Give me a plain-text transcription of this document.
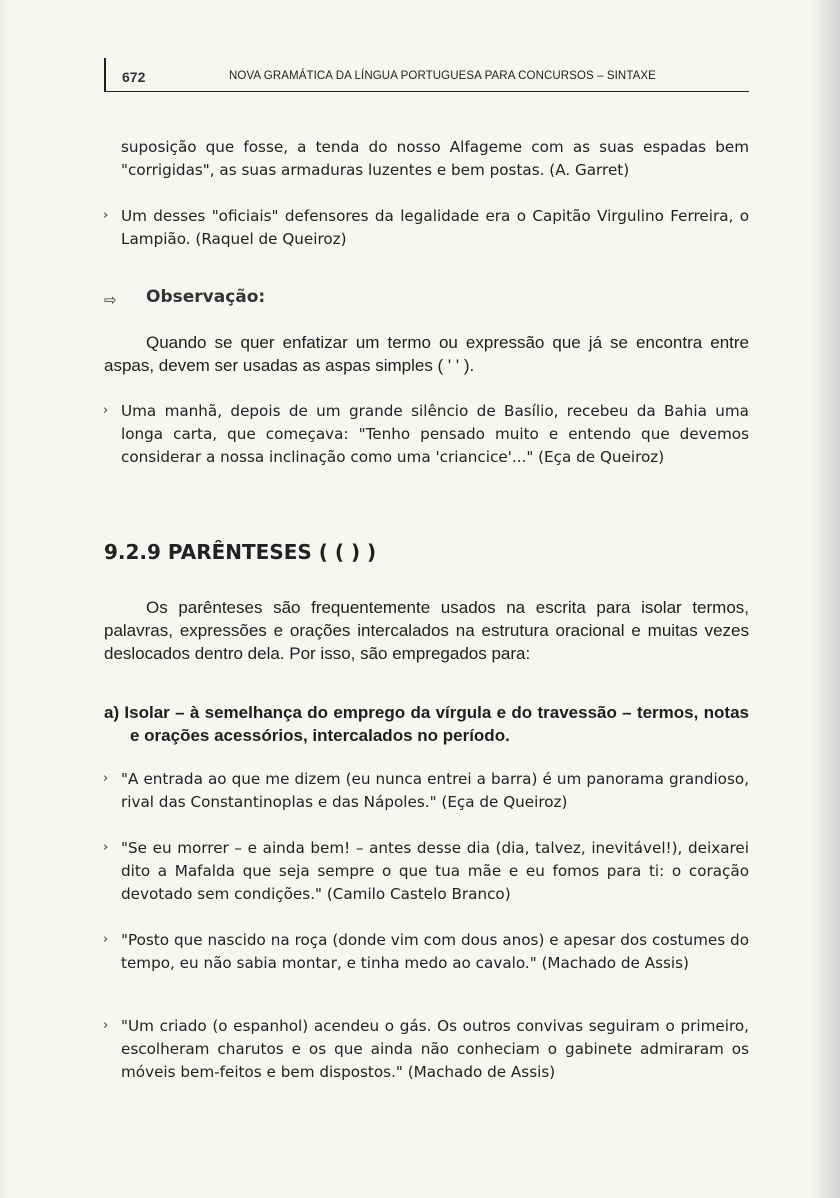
672	NOVA GRAMÁTICA DA LÍNGUA PORTUGUESA PARA CONCURSOS – SINTAXE
suposição que fosse, a tenda do nosso Alfageme com as suas espadas bem "corrigidas", as suas armaduras luzentes e bem postas. (A. Garret)
› Um desses "oficiais" defensores da legalidade era o Capitão Virgulino Ferreira, o Lampião. (Raquel de Queiroz)
⇨ Observação:
Quando se quer enfatizar um termo ou expressão que já se encontra entre aspas, devem ser usadas as aspas simples ( ' ' ).
› Uma manhã, depois de um grande silêncio de Basílio, recebeu da Bahia uma longa carta, que começava: "Tenho pensado muito e entendo que devemos considerar a nossa inclinação como uma 'criancice'..." (Eça de Queiroz)
9.2.9 PARÊNTESES ( ( ) )
Os parênteses são frequentemente usados na escrita para isolar termos, palavras, expressões e orações intercalados na estrutura oracional e muitas vezes deslocados dentro dela. Por isso, são empregados para:
a) Isolar – à semelhança do emprego da vírgula e do travessão – termos, notas e orações acessórios, intercalados no período.
› "A entrada ao que me dizem (eu nunca entrei a barra) é um panorama grandioso, rival das Constantinoplas e das Nápoles." (Eça de Queiroz)
› "Se eu morrer – e ainda bem! – antes desse dia (dia, talvez, inevitável!), deixarei dito a Mafalda que seja sempre o que tua mãe e eu fomos para ti: o coração devotado sem condições." (Camilo Castelo Branco)
› "Posto que nascido na roça (donde vim com dous anos) e apesar dos costumes do tempo, eu não sabia montar, e tinha medo ao cavalo." (Machado de Assis)
› "Um criado (o espanhol) acendeu o gás. Os outros convivas seguiram o primeiro, escolheram charutos e os que ainda não conheciam o gabinete admiraram os móveis bem-feitos e bem dispostos." (Machado de Assis)
